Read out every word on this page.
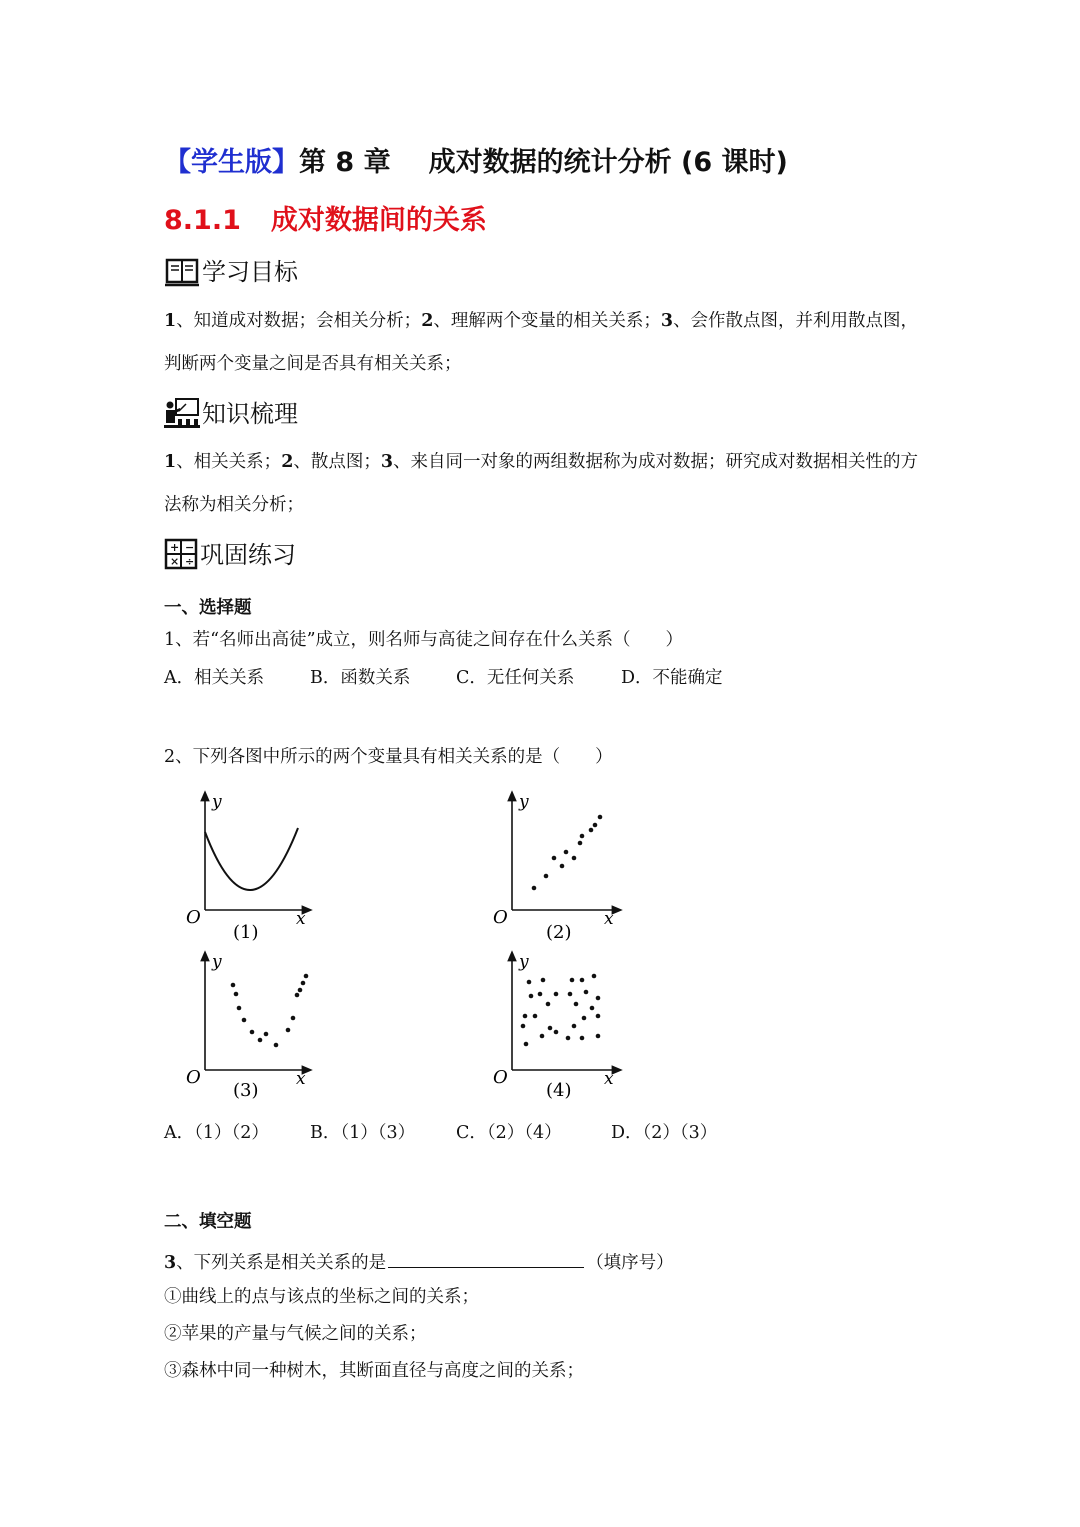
【学生版】第 8 章 成对数据的统计分析 (6 课时)
8.1.1 成对数据间的关系
学习目标
1、知道成对数据；会相关分析；2、理解两个变量的相关关系；3、会作散点图，并利用散点图，判断两个变量之间是否具有相关关系；
知识梳理
1、相关关系；2、散点图；3、来自同一对象的两组数据称为成对数据；研究成对数据相关性的方法称为相关分析；
+ −
× ÷ 巩固练习
一、选择题
1、若“名师出高徒”成立，则名师与高徒之间存在什么关系（　　）
A．相关关系	B．函数关系	C．无任何关系	D．不能确定
2、下列各图中所示的两个变量具有相关关系的是（　　）
y
x
O
(1)
y
x
O
(2)
y
x
O
(3)
y
x
O
(4)
A．（1）（2）	B．（1）（3）	C．（2）（4）	D．（2）（3）
二、填空题
3、下列关系是相关关系的是	（填序号）
①曲线上的点与该点的坐标之间的关系；
②苹果的产量与气候之间的关系；
③森林中同一种树木，其断面直径与高度之间的关系；
